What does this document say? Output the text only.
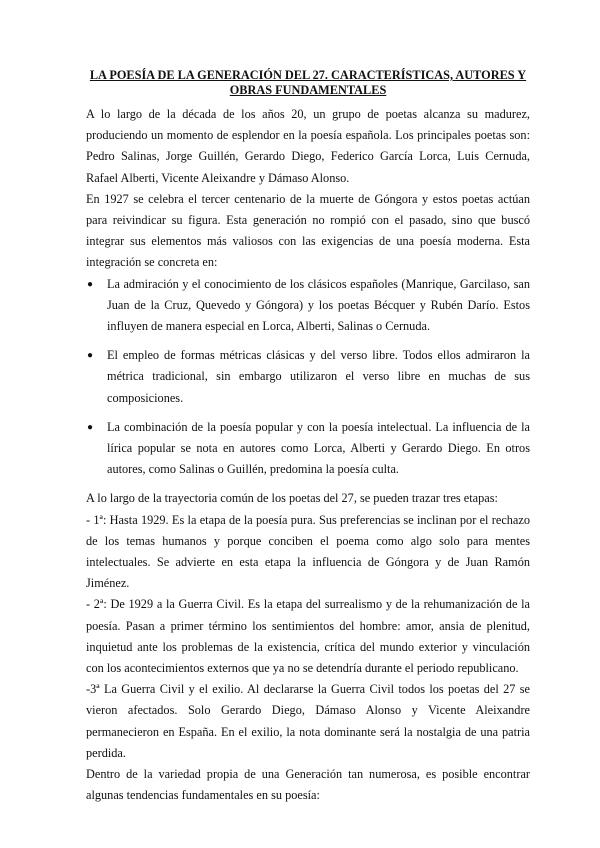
LA POESÍA DE LA GENERACIÓN DEL 27. CARACTERÍSTICAS, AUTORES Y OBRAS FUNDAMENTALES

A lo largo de la década de los años 20, un grupo de poetas alcanza su madurez, produciendo un momento de esplendor en la poesía española. Los principales poetas son: Pedro Salinas, Jorge Guillén, Gerardo Diego, Federico García Lorca, Luis Cernuda, Rafael Alberti, Vicente Aleixandre y Dámaso Alonso.

En 1927 se celebra el tercer centenario de la muerte de Góngora y estos poetas actúan para reivindicar su figura. Esta generación no rompió con el pasado, sino que buscó integrar sus elementos más valiosos con las exigencias de una poesía moderna. Esta integración se concreta en:

● La admiración y el conocimiento de los clásicos españoles (Manrique, Garcilaso, san Juan de la Cruz, Quevedo y Góngora) y los poetas Bécquer y Rubén Darío. Estos influyen de manera especial en Lorca, Alberti, Salinas o Cernuda.
● El empleo de formas métricas clásicas y del verso libre. Todos ellos admiraron la métrica tradicional, sin embargo utilizaron el verso libre en muchas de sus composiciones.
● La combinación de la poesía popular y con la poesía intelectual. La influencia de la lírica popular se nota en autores como Lorca, Alberti y Gerardo Diego. En otros autores, como Salinas o Guillén, predomina la poesía culta.

A lo largo de la trayectoria común de los poetas del 27, se pueden trazar tres etapas:

- 1ª: Hasta 1929. Es la etapa de la poesía pura. Sus preferencias se inclinan por el rechazo de los temas humanos y porque conciben el poema como algo solo para mentes intelectuales. Se advierte en esta etapa la influencia de Góngora y de Juan Ramón Jiménez.

- 2ª: De 1929 a la Guerra Civil. Es la etapa del surrealismo y de la rehumanización de la poesía. Pasan a primer término los sentimientos del hombre: amor, ansia de plenitud, inquietud ante los problemas de la existencia, crítica del mundo exterior y vinculación con los acontecimientos externos que ya no se detendría durante el periodo republicano.

-3ª La Guerra Civil y el exilio. Al declararse la Guerra Civil todos los poetas del 27 se vieron afectados. Solo Gerardo Diego, Dámaso Alonso y Vicente Aleixandre permanecieron en España. En el exilio, la nota dominante será la nostalgia de una patria perdida.

Dentro de la variedad propia de una Generación tan numerosa, es posible encontrar algunas tendencias fundamentales en su poesía:
